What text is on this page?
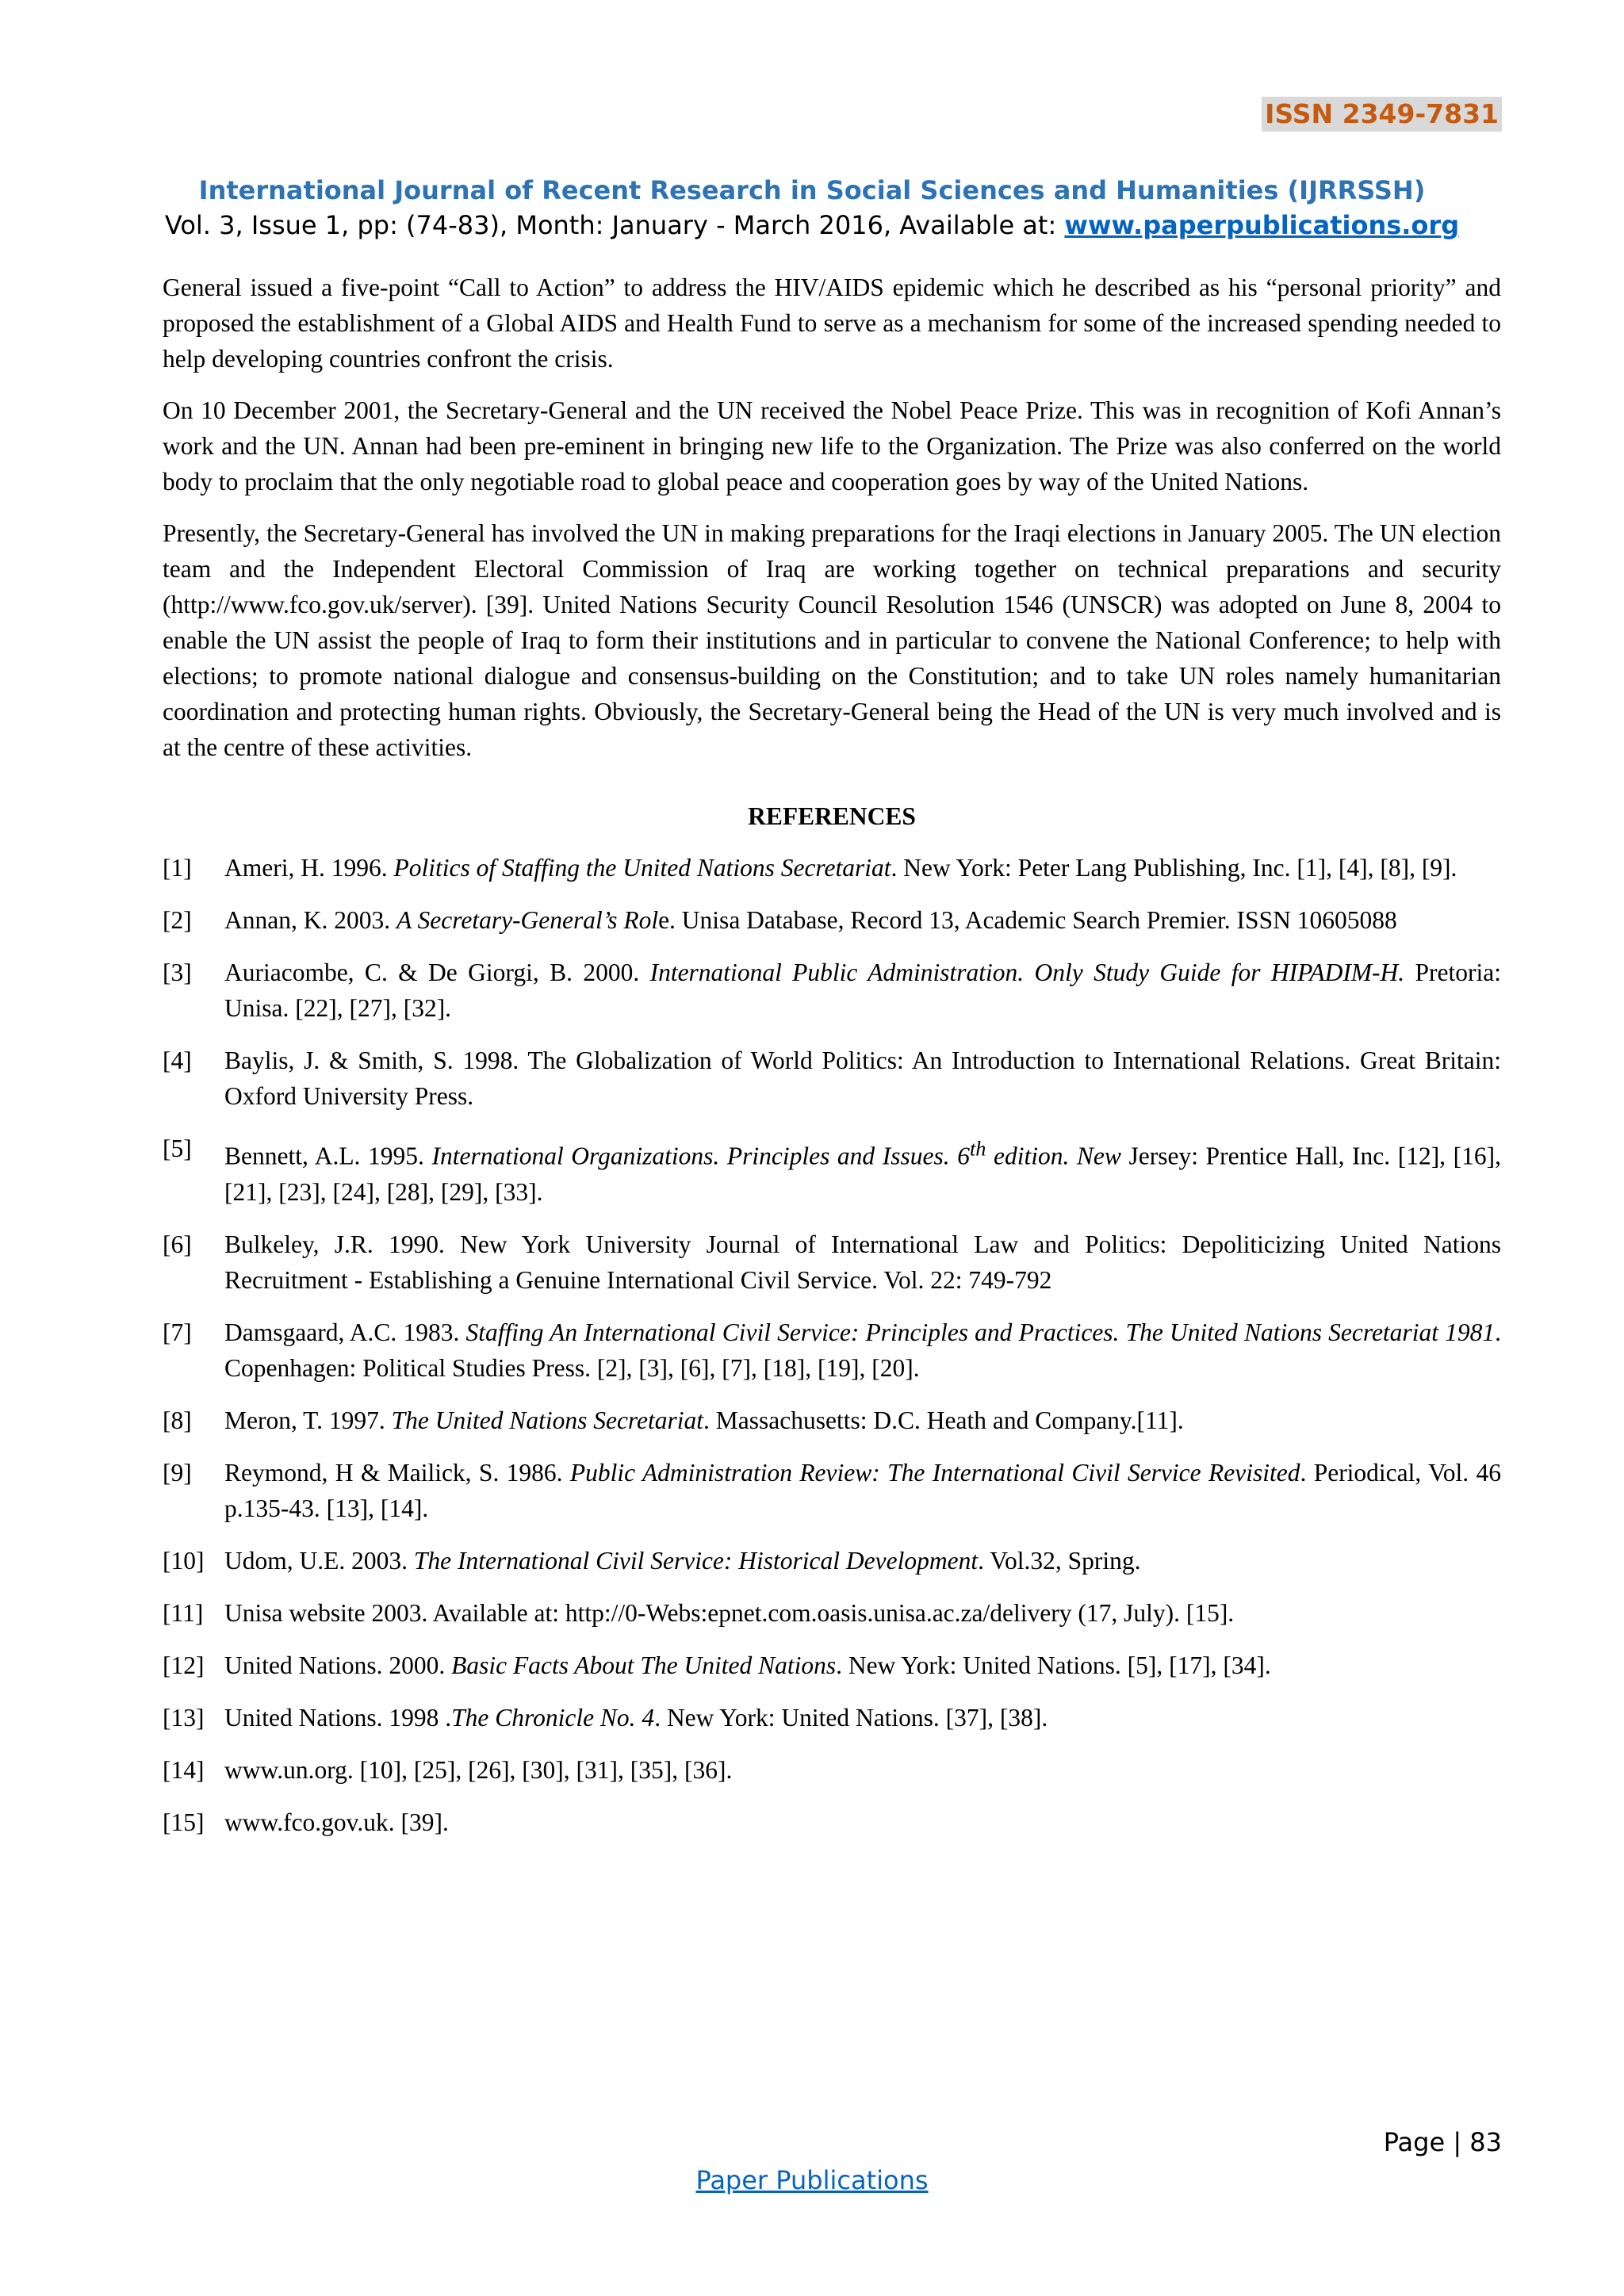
ISSN 2349-7831
International Journal of Recent Research in Social Sciences and Humanities (IJRRSSH)
Vol. 3, Issue 1, pp: (74-83), Month: January - March 2016, Available at: www.paperpublications.org

General issued a five-point “Call to Action” to address the HIV/AIDS epidemic which he described as his “personal priority” and proposed the establishment of a Global AIDS and Health Fund to serve as a mechanism for some of the increased spending needed to help developing countries confront the crisis.

On 10 December 2001, the Secretary-General and the UN received the Nobel Peace Prize. This was in recognition of Kofi Annan’s work and the UN. Annan had been pre-eminent in bringing new life to the Organization. The Prize was also conferred on the world body to proclaim that the only negotiable road to global peace and cooperation goes by way of the United Nations.

Presently, the Secretary-General has involved the UN in making preparations for the Iraqi elections in January 2005. The UN election team and the Independent Electoral Commission of Iraq are working together on technical preparations and security (http://www.fco.gov.uk/server). [39]. United Nations Security Council Resolution 1546 (UNSCR) was adopted on June 8, 2004 to enable the UN assist the people of Iraq to form their institutions and in particular to convene the National Conference; to help with elections; to promote national dialogue and consensus-building on the Constitution; and to take UN roles namely humanitarian coordination and protecting human rights. Obviously, the Secretary-General being the Head of the UN is very much involved and is at the centre of these activities.

REFERENCES
[1]	Ameri, H. 1996. Politics of Staffing the United Nations Secretariat. New York: Peter Lang Publishing, Inc. [1], [4], [8], [9].
[2]	Annan, K. 2003. A Secretary-General’s Role. Unisa Database, Record 13, Academic Search Premier. ISSN 10605088
[3]	Auriacombe, C. & De Giorgi, B. 2000. International Public Administration. Only Study Guide for HIPADIM-H. Pretoria: Unisa. [22], [27], [32].
[4]	Baylis, J. & Smith, S. 1998. The Globalization of World Politics: An Introduction to International Relations. Great Britain: Oxford University Press.
[5]	Bennett, A.L. 1995. International Organizations. Principles and Issues. 6th edition. New Jersey: Prentice Hall, Inc. [12], [16], [21], [23], [24], [28], [29], [33].
[6]	Bulkeley, J.R. 1990. New York University Journal of International Law and Politics: Depoliticizing United Nations Recruitment - Establishing a Genuine International Civil Service. Vol. 22: 749-792
[7]	Damsgaard, A.C. 1983. Staffing An International Civil Service: Principles and Practices. The United Nations Secretariat 1981. Copenhagen: Political Studies Press. [2], [3], [6], [7], [18], [19], [20].
[8]	Meron, T. 1997. The United Nations Secretariat. Massachusetts: D.C. Heath and Company.[11].
[9]	Reymond, H & Mailick, S. 1986. Public Administration Review: The International Civil Service Revisited. Periodical, Vol. 46 p.135-43. [13], [14].
[10] Udom, U.E. 2003. The International Civil Service: Historical Development. Vol.32, Spring.
[11] Unisa website 2003. Available at: http://0-Webs:epnet.com.oasis.unisa.ac.za/delivery (17, July). [15].
[12] United Nations. 2000. Basic Facts About The United Nations. New York: United Nations. [5], [17], [34].
[13] United Nations. 1998 .The Chronicle No. 4. New York: United Nations. [37], [38].
[14] www.un.org. [10], [25], [26], [30], [31], [35], [36].
[15] www.fco.gov.uk. [39].
Page | 83
Paper Publications
